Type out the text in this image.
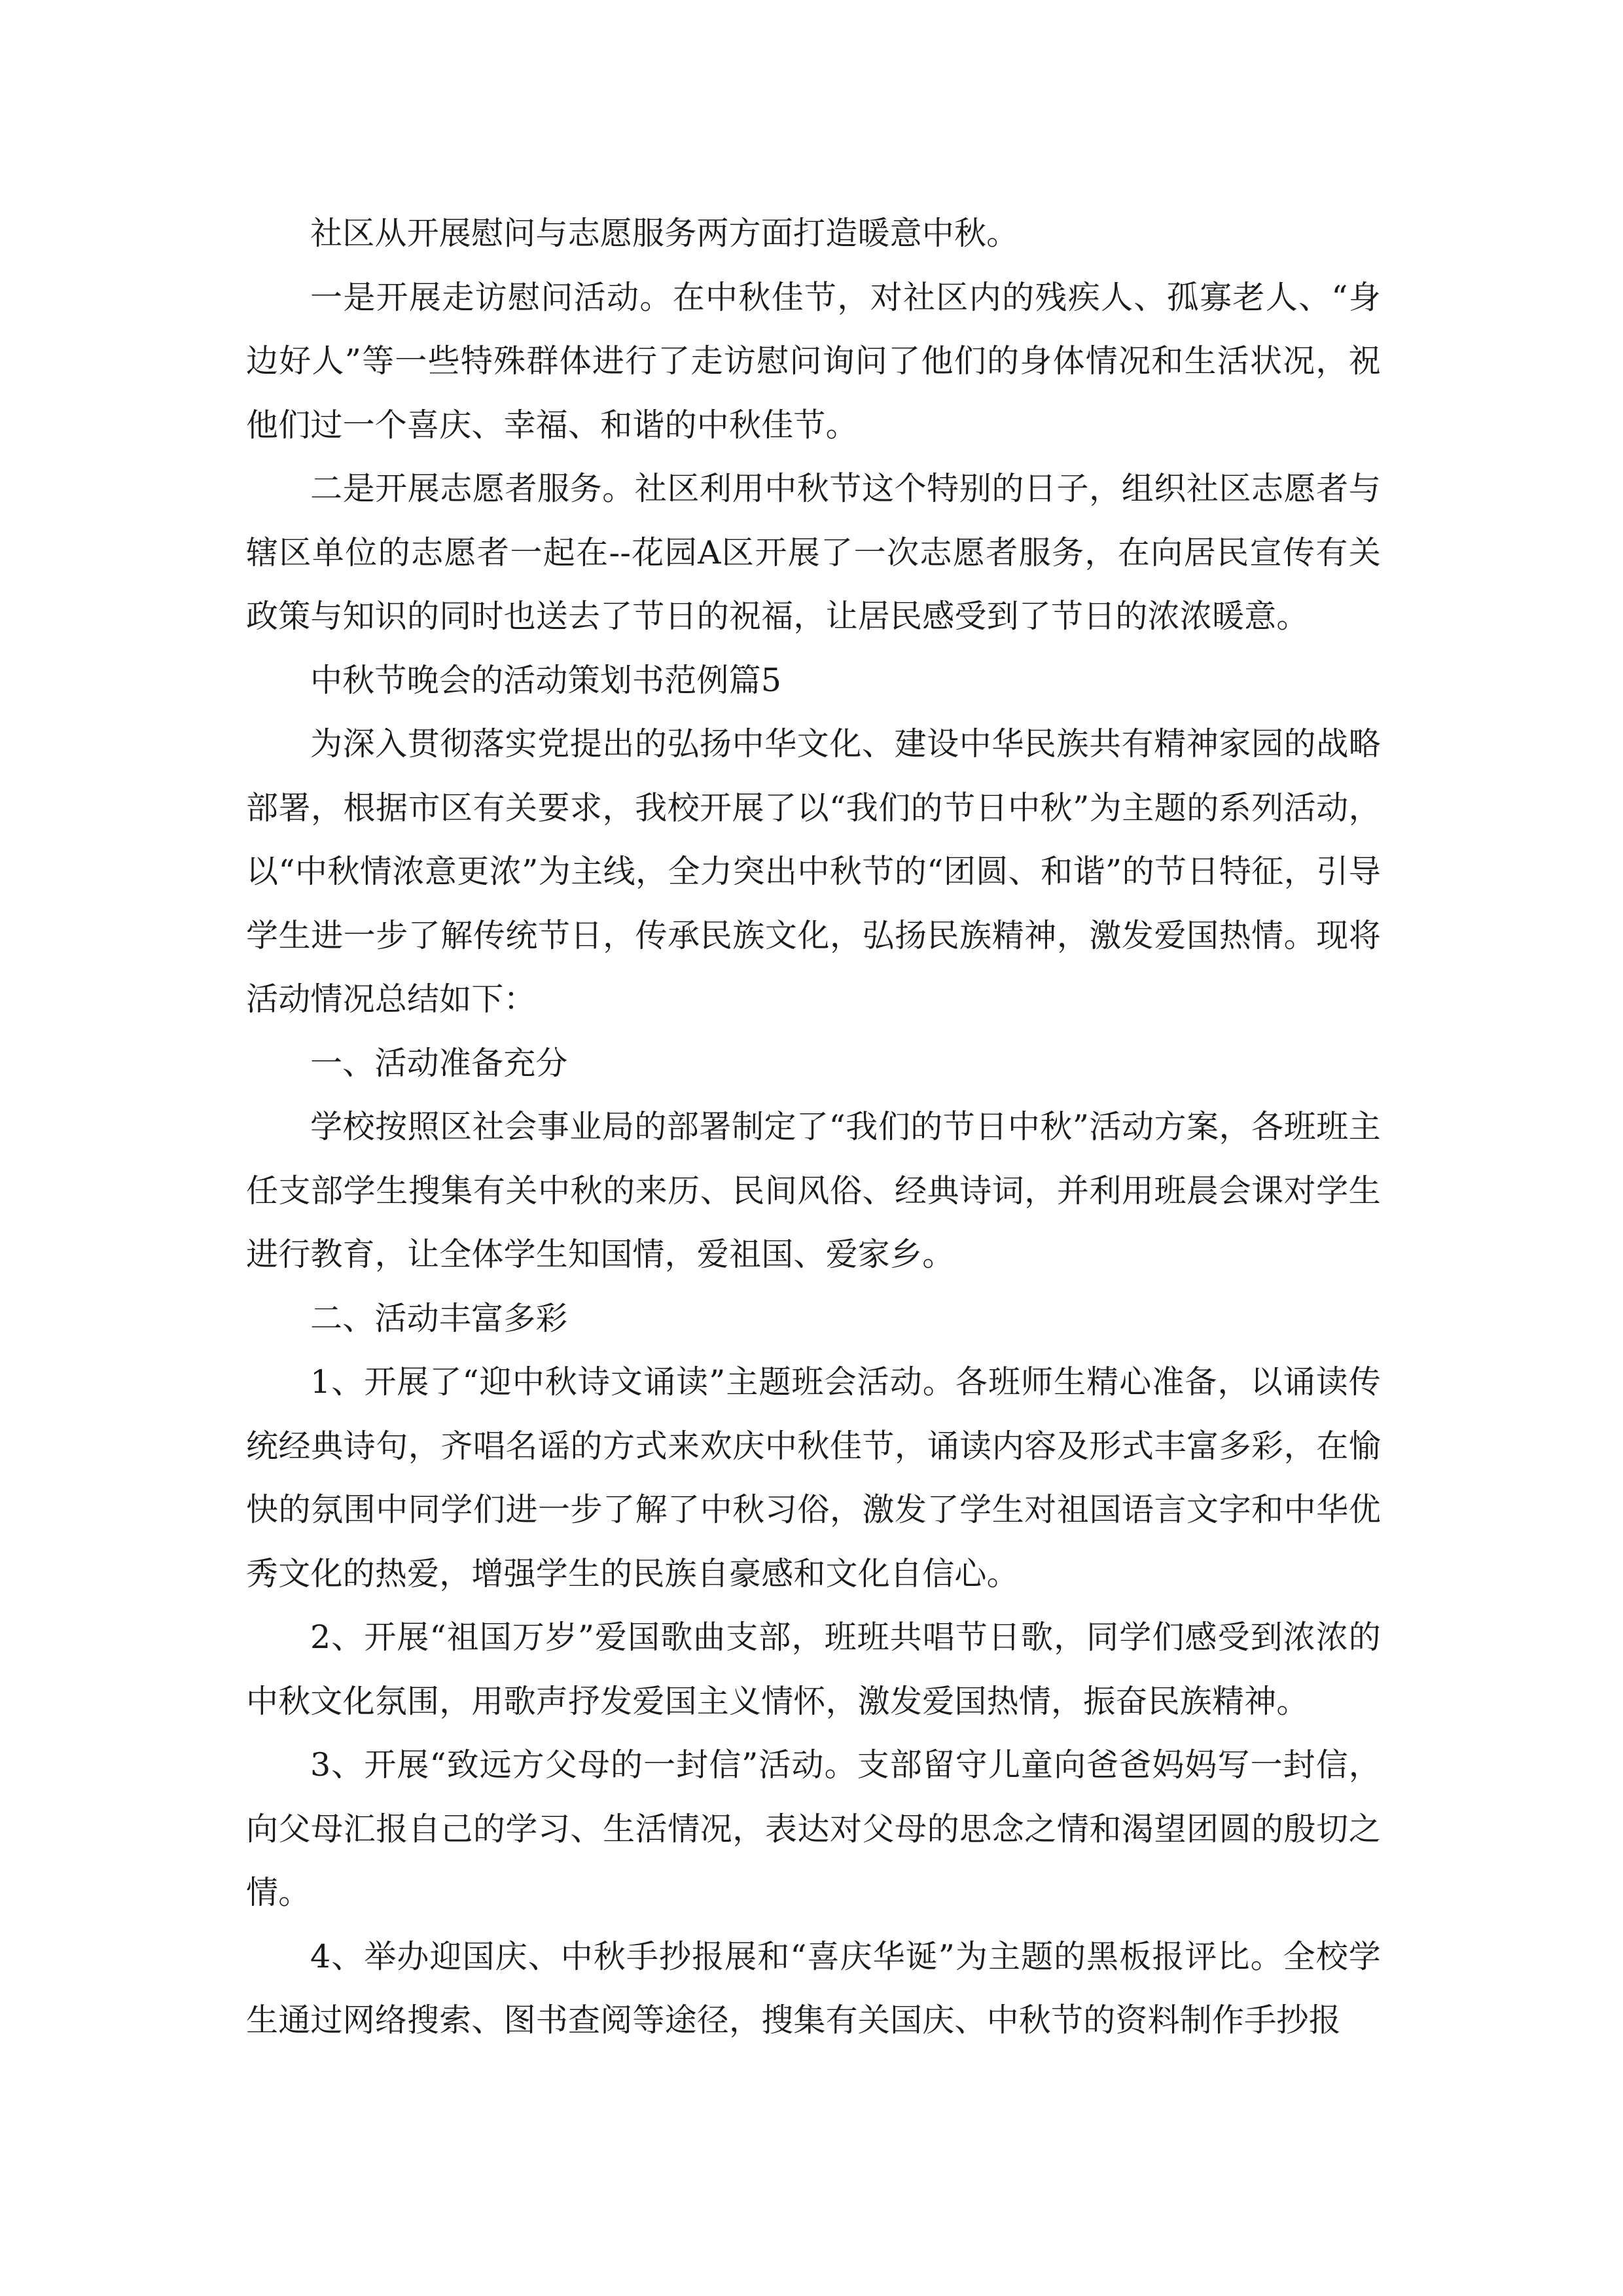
社区从开展慰问与志愿服务两方面打造暖意中秋。

一是开展走访慰问活动。在中秋佳节，对社区内的残疾人、孤寡老人、“身边好人”等一些特殊群体进行了走访慰问询问了他们的身体情况和生活状况，祝他们过一个喜庆、幸福、和谐的中秋佳节。

二是开展志愿者服务。社区利用中秋节这个特别的日子，组织社区志愿者与辖区单位的志愿者一起在--花园A区开展了一次志愿者服务，在向居民宣传有关政策与知识的同时也送去了节日的祝福，让居民感受到了节日的浓浓暖意。

中秋节晚会的活动策划书范例篇5

为深入贯彻落实党提出的弘扬中华文化、建设中华民族共有精神家园的战略部署，根据市区有关要求，我校开展了以“我们的节日中秋”为主题的系列活动，以“中秋情浓意更浓”为主线，全力突出中秋节的“团圆、和谐”的节日特征，引导学生进一步了解传统节日，传承民族文化，弘扬民族精神，激发爱国热情。现将活动情况总结如下：

一、活动准备充分

学校按照区社会事业局的部署制定了“我们的节日中秋”活动方案，各班班主任支部学生搜集有关中秋的来历、民间风俗、经典诗词，并利用班晨会课对学生进行教育，让全体学生知国情，爱祖国、爱家乡。

二、活动丰富多彩

1、开展了“迎中秋诗文诵读”主题班会活动。各班师生精心准备，以诵读传统经典诗句，齐唱名谣的方式来欢庆中秋佳节，诵读内容及形式丰富多彩，在愉快的氛围中同学们进一步了解了中秋习俗，激发了学生对祖国语言文字和中华优秀文化的热爱，增强学生的民族自豪感和文化自信心。

2、开展“祖国万岁”爱国歌曲支部，班班共唱节日歌，同学们感受到浓浓的中秋文化氛围，用歌声抒发爱国主义情怀，激发爱国热情，振奋民族精神。

3、开展“致远方父母的一封信”活动。支部留守儿童向爸爸妈妈写一封信，向父母汇报自己的学习、生活情况，表达对父母的思念之情和渴望团圆的殷切之情。

4、举办迎国庆、中秋手抄报展和“喜庆华诞”为主题的黑板报评比。全校学生通过网络搜索、图书查阅等途径，搜集有关国庆、中秋节的资料制作手抄报
